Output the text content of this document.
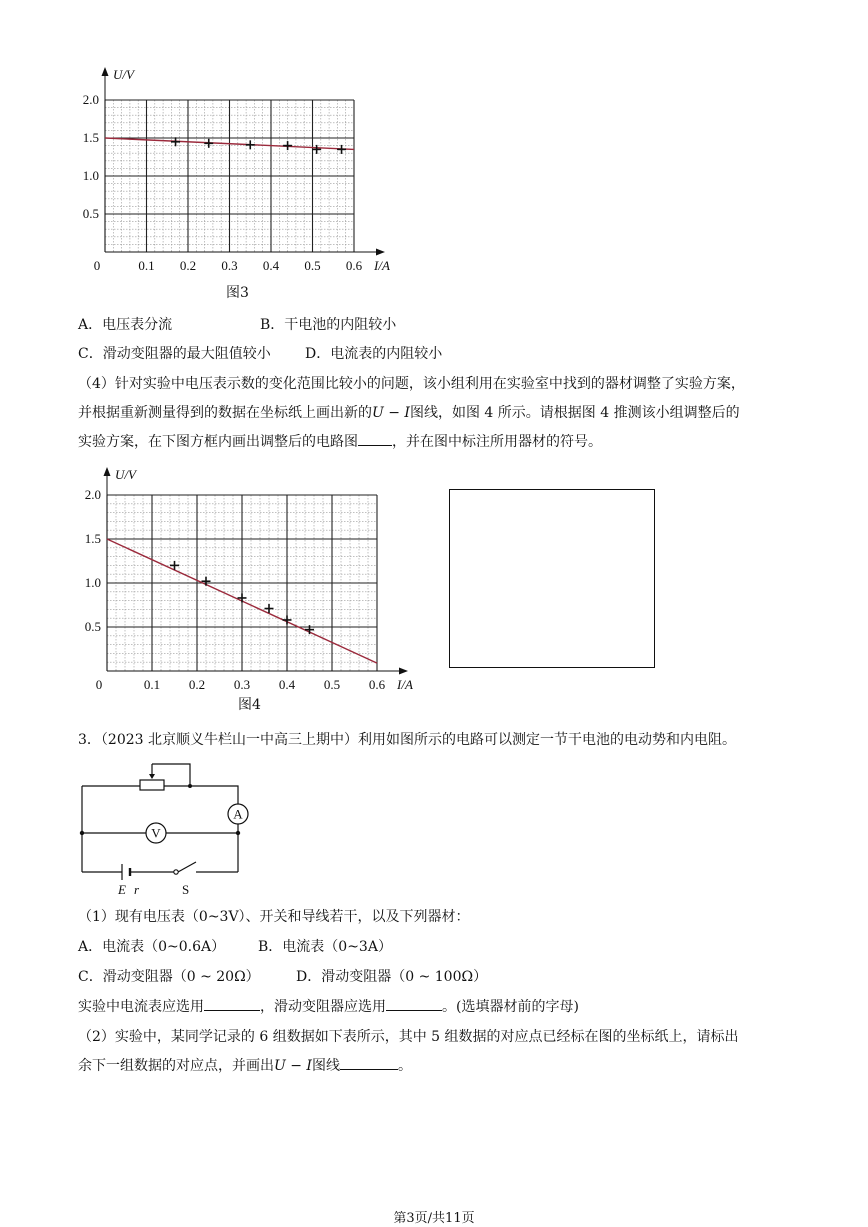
2.0
1.5
1.0
0.5
0.1 0.2 0.3 0.4 0.5 0.6
0
U/V
I/A
图3
A．电压表分流	B．干电池的内阻较小
C．滑动变阻器的最大阻值较小 D．电流表的内阻较小
（4）针对实验中电压表示数的变化范围比较小的问题，该小组利用在实验室中找到的器材调整了实验方案，
并根据重新测量得到的数据在坐标纸上画出新的U − I图线，如图 4 所示。请根据图 4 推测该小组调整后的
实验方案，在下图方框内画出调整后的电路图 ，并在图中标注所用器材的符号。
2.0
1.5
1.0
0.5
0.1 0.2 0.3 0.4 0.5 0.6
0
U/V
I/A
图4
3．（2023 北京顺义牛栏山一中高三上期中）利用如图所示的电路可以测定一节干电池的电动势和内电阻。
A
V
E r	S
（1）现有电压表（0~3V）、开关和导线若干，以及下列器材：
A．电流表（0~0.6A） B．电流表（0~3A）
C．滑动变阻器（0 ~ 20Ω）	D．滑动变阻器（0 ~ 100Ω）
实验中电流表应选用	，滑动变阻器应选用	。(选填器材前的字母)
（2）实验中，某同学记录的 6 组数据如下表所示，其中 5 组数据的对应点已经标在图的坐标纸上，请标出
余下一组数据的对应点，并画出U − I图线	。
第3页/共11页
